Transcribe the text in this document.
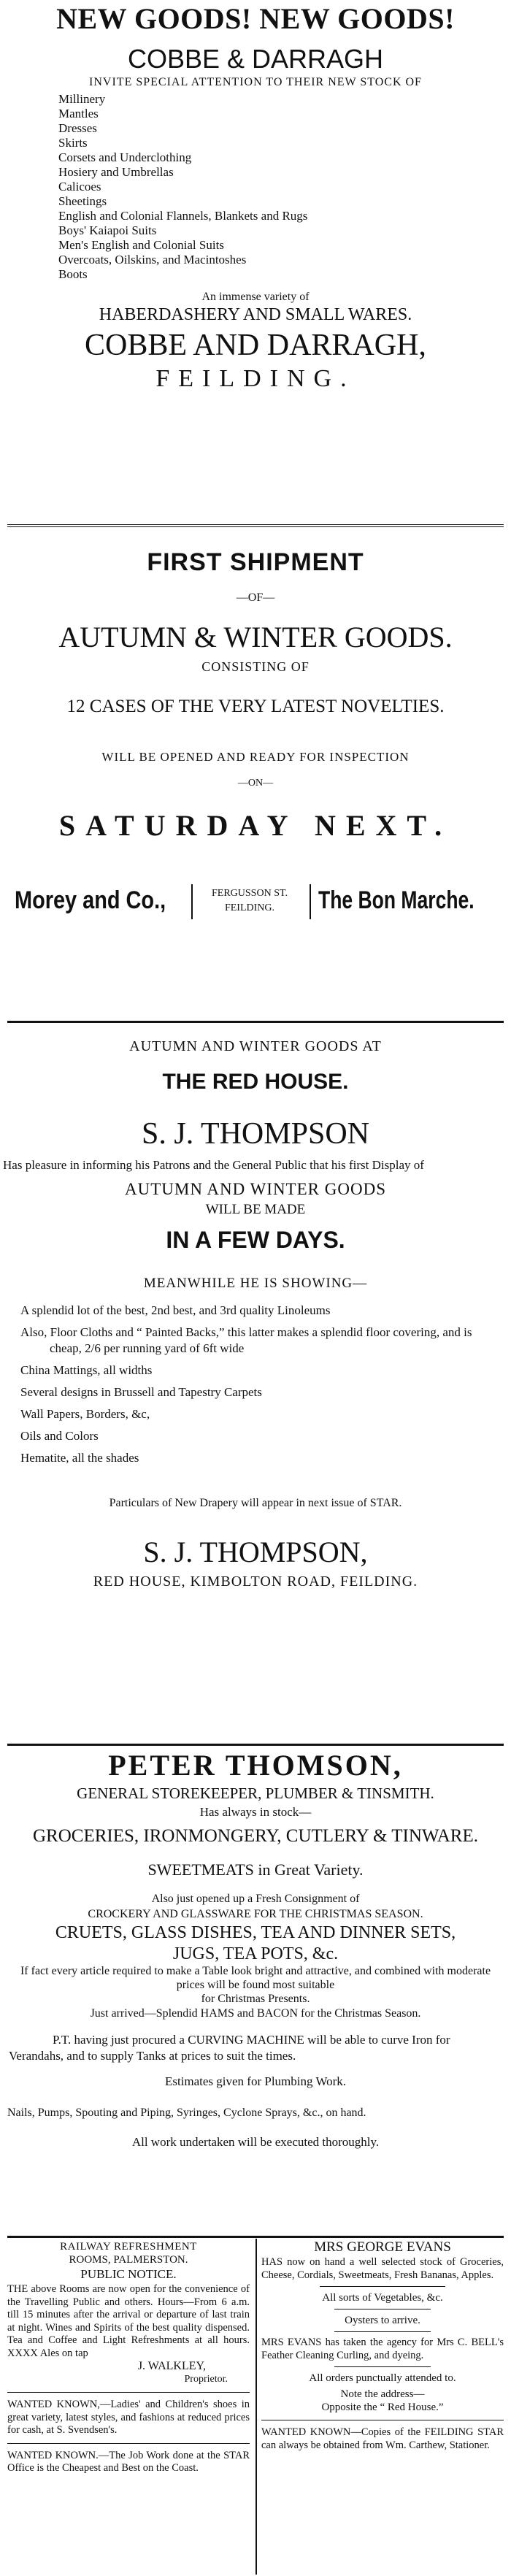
NEW GOODS! NEW GOODS!
COBBE & DARRAGH
INVITE SPECIAL ATTENTION TO THEIR NEW STOCK OF
Millinery
Mantles
Dresses
Skirts
Corsets and Underclothing
Hosiery and Umbrellas
Calicoes
Sheetings
English and Colonial Flannels, Blankets and Rugs
Boys' Kaiapoi Suits
Men's English and Colonial Suits
Overcoats, Oilskins, and Macintoshes
Boots
An immense variety of
HABERDASHERY AND SMALL WARES.
COBBE AND DARRAGH,
FEILDING.
FIRST SHIPMENT
—OF—
AUTUMN & WINTER GOODS.
CONSISTING OF
12 CASES OF THE VERY LATEST NOVELTIES.
WILL BE OPENED AND READY FOR INSPECTION
—ON—
SATURDAY NEXT.
Morey and Co.,	FERGUSSON ST.
FEILDING.	The Bon Marche.
AUTUMN AND WINTER GOODS AT
THE RED HOUSE.
S. J. THOMPSON
Has pleasure in informing his Patrons and the General Public that his first Display of
AUTUMN AND WINTER GOODS
WILL BE MADE
IN A FEW DAYS.
MEANWHILE HE IS SHOWING—
A splendid lot of the best, 2nd best, and 3rd quality Linoleums
Also, Floor Cloths and “ Painted Backs,” this latter makes a splendid floor covering, and is cheap, 2/6 per running yard of 6ft wide
China Mattings, all widths
Several designs in Brussell and Tapestry Carpets
Wall Papers, Borders, &c,
Oils and Colors
Hematite, all the shades
Particulars of New Drapery will appear in next issue of STAR.
S. J. THOMPSON,
RED HOUSE, KIMBOLTON ROAD, FEILDING.
PETER THOMSON,
GENERAL STOREKEEPER, PLUMBER & TINSMITH.
Has always in stock—
GROCERIES, IRONMONGERY, CUTLERY & TINWARE.
SWEETMEATS in Great Variety.
Also just opened up a Fresh Consignment of
CROCKERY AND GLASSWARE FOR THE CHRISTMAS SEASON.
CRUETS, GLASS DISHES, TEA AND DINNER SETS,
JUGS, TEA POTS, &c.
If fact every article required to make a Table look bright and attractive, and combined with moderate prices will be found most suitable
for Christmas Presents.
Just arrived—Splendid HAMS and BACON for the Christmas Season.
P.T. having just procured a CURVING MACHINE will be able to curve Iron for Verandahs, and to supply Tanks at prices to suit the times.
Estimates given for Plumbing Work.
Nails, Pumps, Spouting and Piping, Syringes, Cyclone Sprays, &c., on hand.
All work undertaken will be executed thoroughly.
RAILWAY REFRESHMENT
ROOMS, PALMERSTON.
PUBLIC NOTICE.
THE above Rooms are now open for the convenience of the Travelling Public and others. Hours—From 6 a.m. till 15 minutes after the arrival or departure of last train at night. Wines and Spirits of the best quality dispensed. Tea and Coffee and Light Refreshments at all hours. XXXX Ales on tap
J. WALKLEY,
Proprietor.
WANTED KNOWN,—Ladies' and Children's shoes in great variety, latest styles, and fashions at reduced prices for cash, at S. Svendsen's.
WANTED KNOWN.—The Job Work done at the STAR Office is the Cheapest and Best on the Coast.
MRS GEORGE EVANS
HAS now on hand a well selected stock of Groceries, Cheese, Cordials, Sweetmeats, Fresh Bananas, Apples.
All sorts of Vegetables, &c.
Oysters to arrive.
MRS EVANS has taken the agency for Mrs C. BELL's Feather Cleaning Curling, and dyeing.
All orders punctually attended to.
Note the address—
Opposite the “ Red House.”
WANTED KNOWN—Copies of the FEILDING STAR can always be obtained from Wm. Carthew, Stationer.
